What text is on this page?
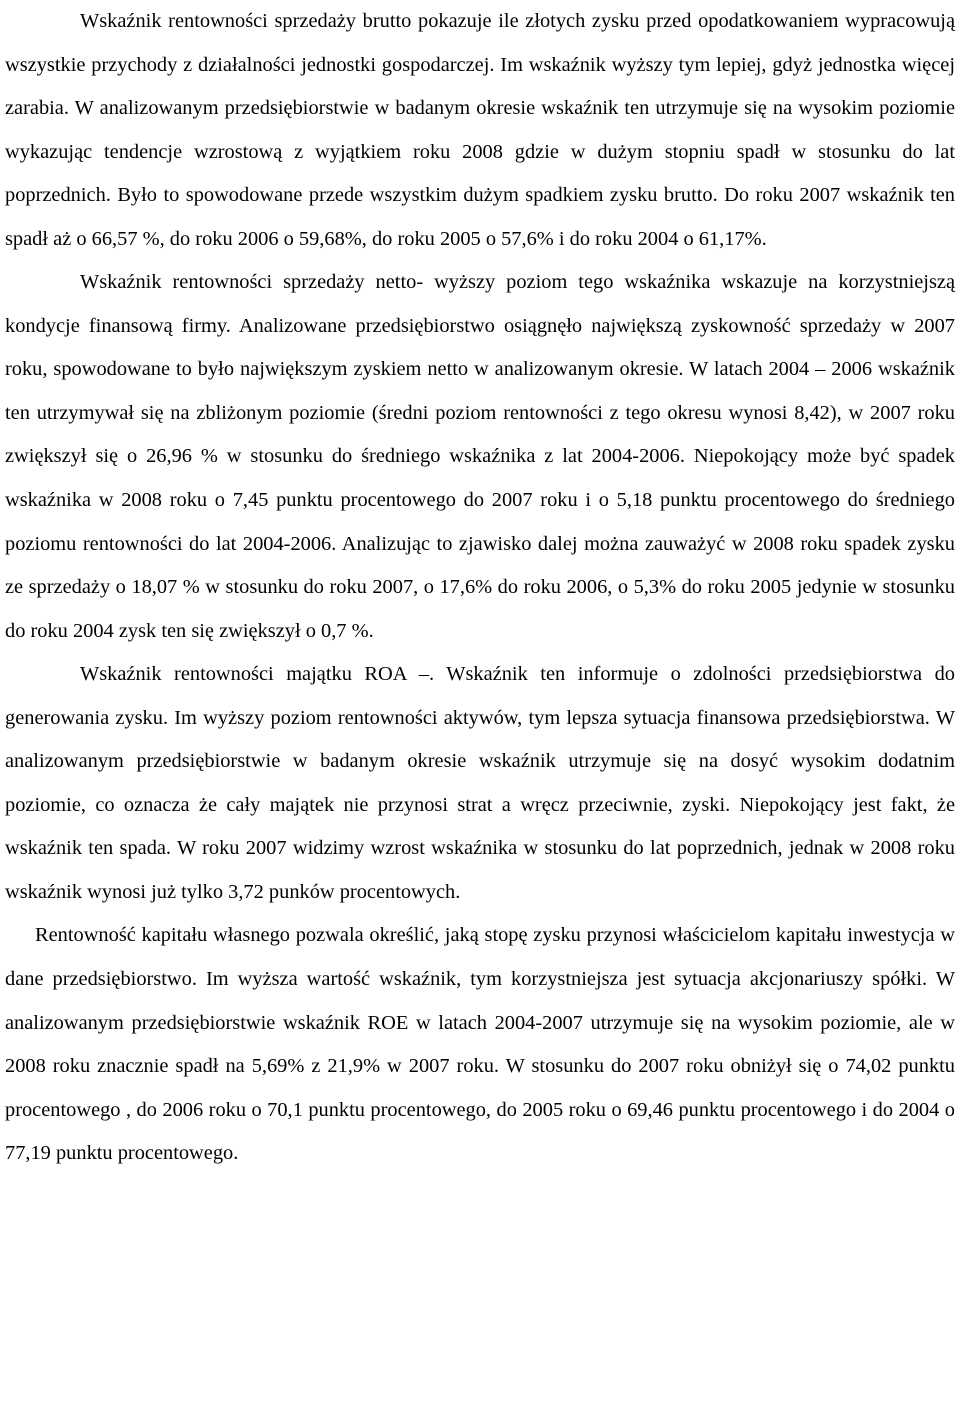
Wskaźnik rentowności sprzedaży brutto pokazuje ile złotych zysku przed opodatkowaniem wypracowują wszystkie przychody z działalności jednostki gospodarczej. Im wskaźnik wyższy tym lepiej, gdyż jednostka więcej zarabia. W analizowanym przedsiębiorstwie w badanym okresie wskaźnik ten utrzymuje się na wysokim poziomie wykazując tendencje wzrostową z wyjątkiem roku 2008 gdzie w dużym stopniu spadł w stosunku do lat poprzednich. Było to spowodowane przede wszystkim dużym spadkiem zysku brutto. Do roku 2007 wskaźnik ten spadł aż o 66,57 %, do roku 2006 o 59,68%, do roku 2005 o 57,6% i do roku 2004 o 61,17%.

Wskaźnik rentowności sprzedaży netto- wyższy poziom tego wskaźnika wskazuje na korzystniejszą kondycje finansową firmy. Analizowane przedsiębiorstwo osiągnęło największą zyskowność sprzedaży w 2007 roku, spowodowane to było największym zyskiem netto w analizowanym okresie. W latach 2004 – 2006 wskaźnik ten utrzymywał się na zbliżonym poziomie (średni poziom rentowności z tego okresu wynosi 8,42), w 2007 roku zwiększył się o 26,96 % w stosunku do średniego wskaźnika z lat 2004-2006. Niepokojący może być spadek wskaźnika w 2008 roku o 7,45 punktu procentowego do 2007 roku i o 5,18 punktu procentowego do średniego poziomu rentowności do lat 2004-2006. Analizując to zjawisko dalej można zauważyć w 2008 roku spadek zysku ze sprzedaży o 18,07 % w stosunku do roku 2007, o 17,6% do roku 2006, o 5,3% do roku 2005 jedynie w stosunku do roku 2004 zysk ten się zwiększył o 0,7 %.

Wskaźnik rentowności majątku ROA –. Wskaźnik ten informuje o zdolności przedsiębiorstwa do generowania zysku. Im wyższy poziom rentowności aktywów, tym lepsza sytuacja finansowa przedsiębiorstwa. W analizowanym przedsiębiorstwie w badanym okresie wskaźnik utrzymuje się na dosyć wysokim dodatnim poziomie, co oznacza że cały majątek nie przynosi strat a wręcz przeciwnie, zyski. Niepokojący jest fakt, że wskaźnik ten spada. W roku 2007 widzimy wzrost wskaźnika w stosunku do lat poprzednich, jednak w 2008 roku wskaźnik wynosi już tylko 3,72 punków procentowych.

Rentowność kapitału własnego pozwala określić, jaką stopę zysku przynosi właścicielom kapitału inwestycja w dane przedsiębiorstwo. Im wyższa wartość wskaźnik, tym korzystniejsza jest sytuacja akcjonariuszy spółki. W analizowanym przedsiębiorstwie wskaźnik ROE w latach 2004-2007 utrzymuje się na wysokim poziomie, ale w 2008 roku znacznie spadł na 5,69% z 21,9% w 2007 roku. W stosunku do 2007 roku obniżył się o 74,02 punktu procentowego , do 2006 roku o 70,1 punktu procentowego, do 2005 roku o 69,46 punktu procentowego i do 2004 o 77,19 punktu procentowego.
